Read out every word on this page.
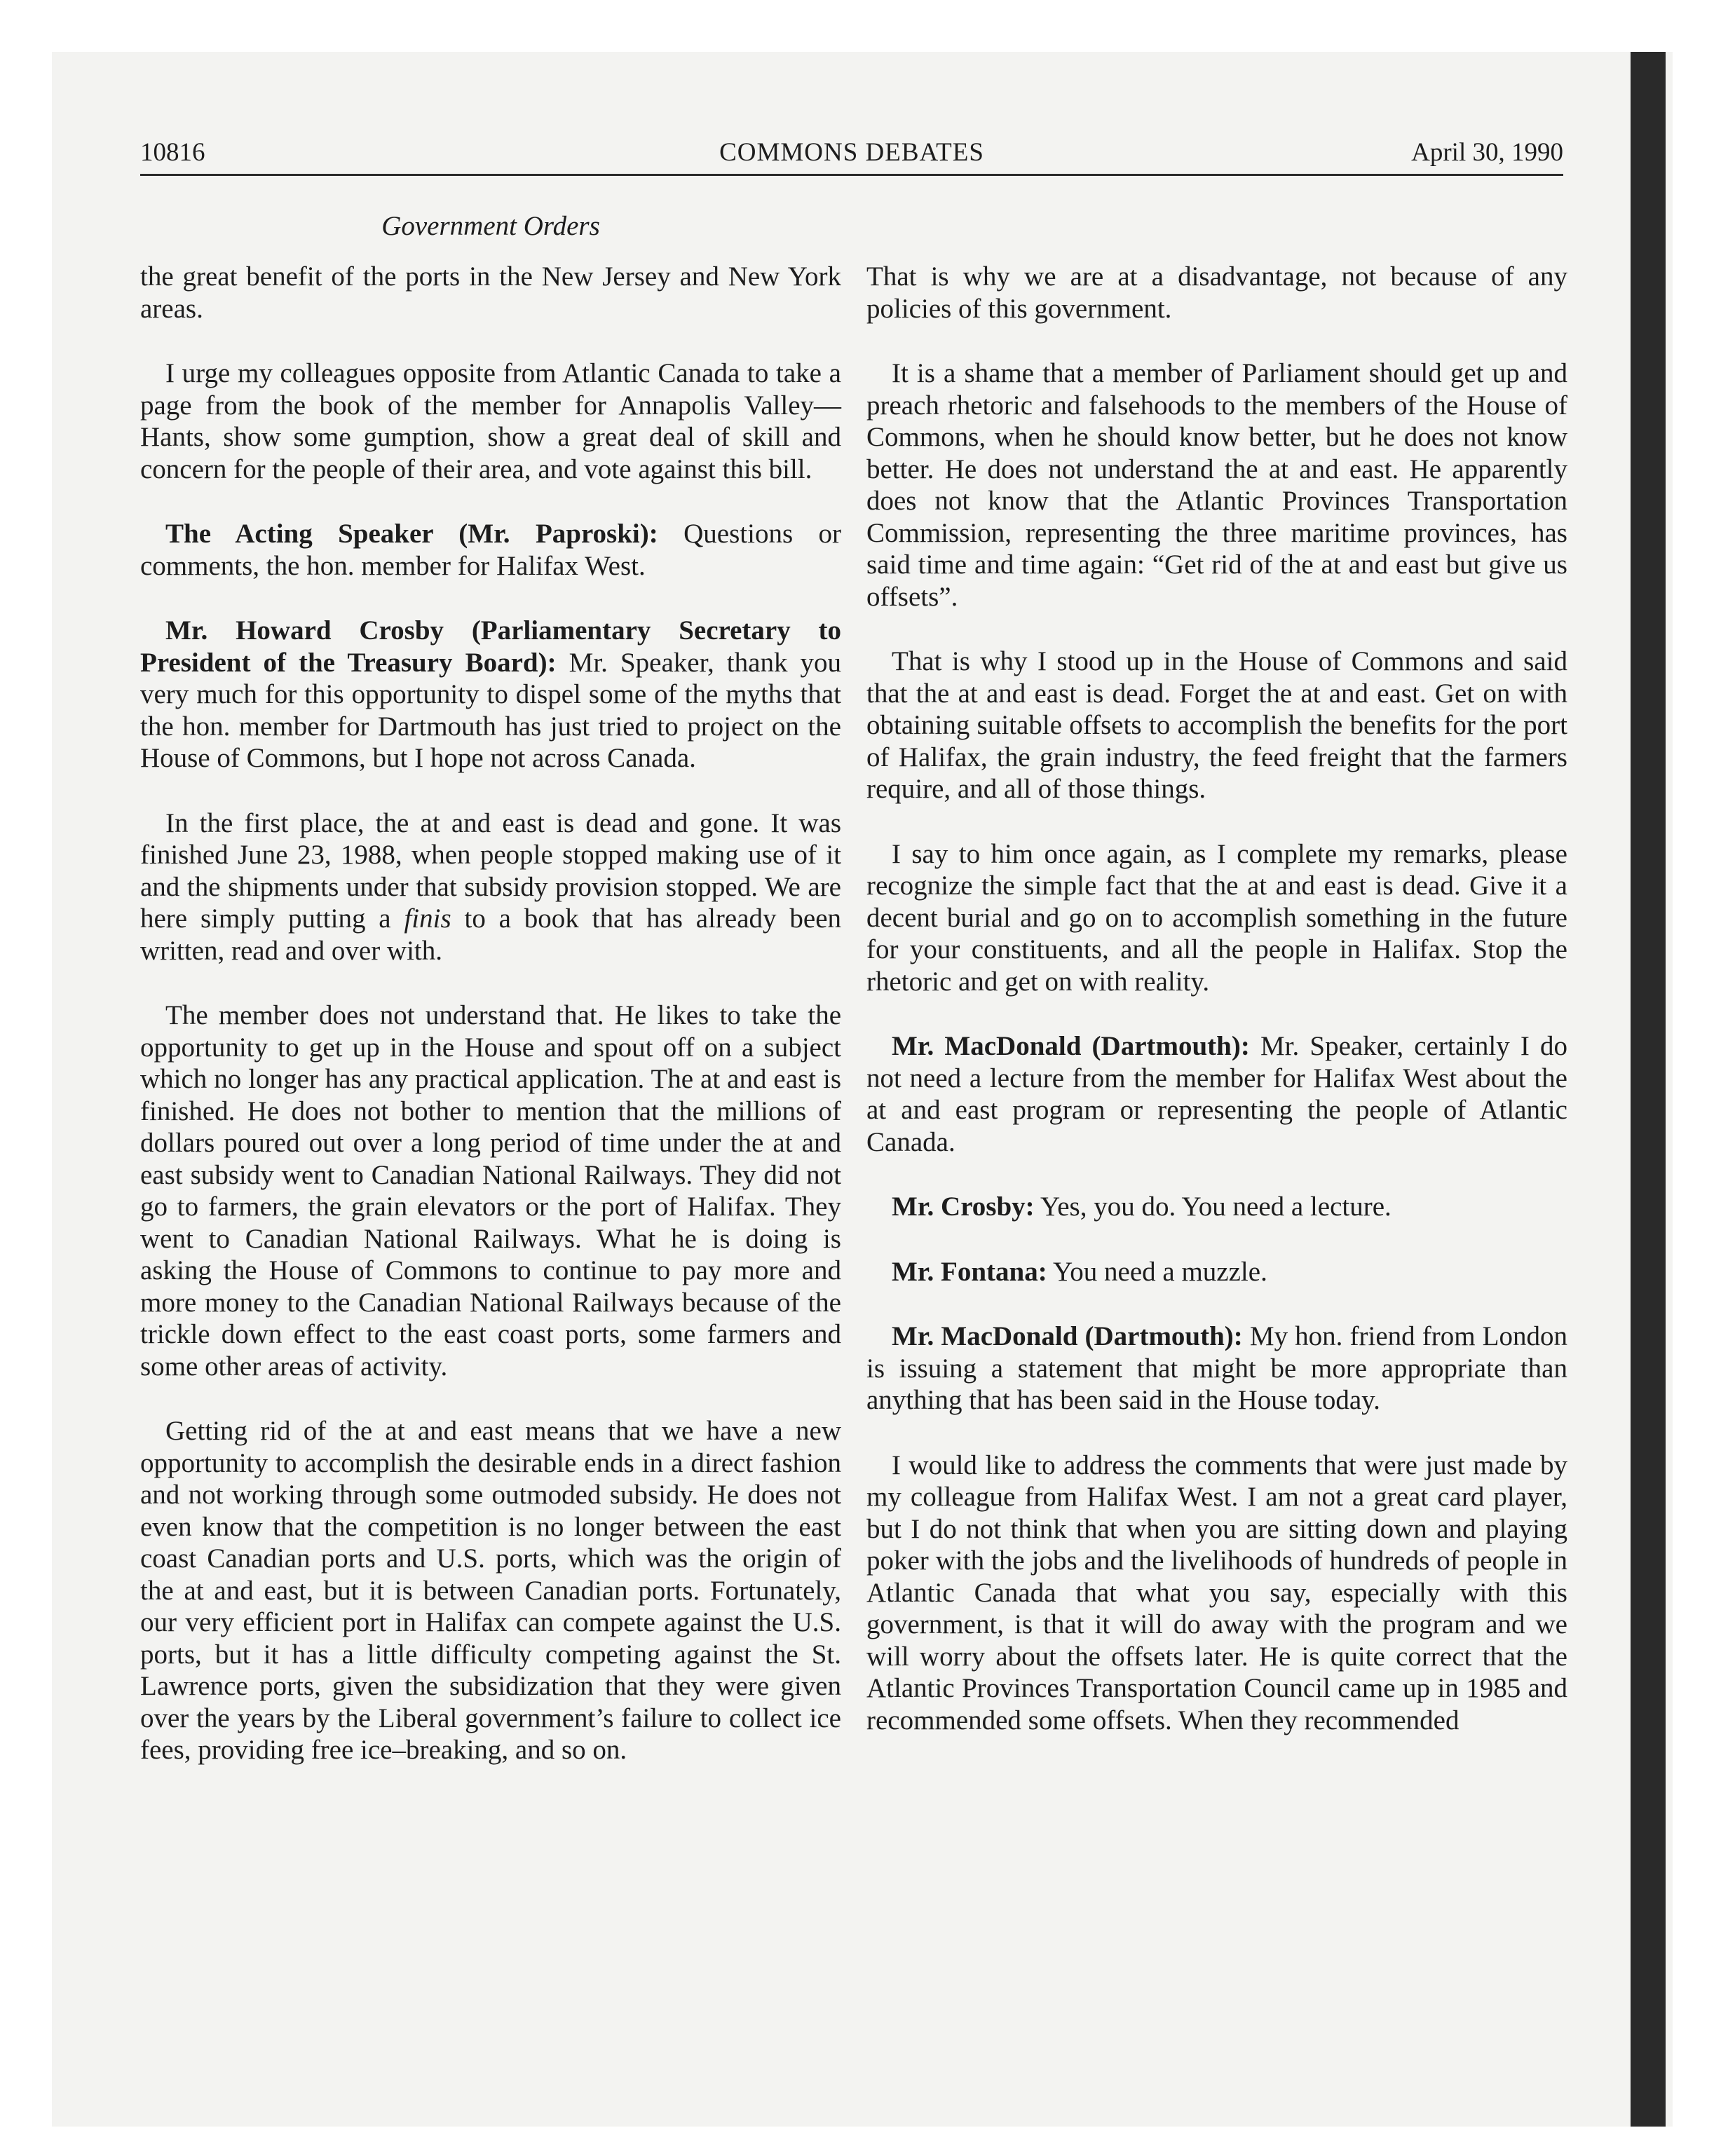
10816	COMMONS DEBATES	April 30, 1990
Government Orders

the great benefit of the ports in the New Jersey and New York areas.

I urge my colleagues opposite from Atlantic Canada to take a page from the book of the member for Annapolis Valley—Hants, show some gumption, show a great deal of skill and concern for the people of their area, and vote against this bill.

The Acting Speaker (Mr. Paproski): Questions or comments, the hon. member for Halifax West.

Mr. Howard Crosby (Parliamentary Secretary to President of the Treasury Board): Mr. Speaker, thank you very much for this opportunity to dispel some of the myths that the hon. member for Dartmouth has just tried to project on the House of Commons, but I hope not across Canada.

In the first place, the at and east is dead and gone. It was finished June 23, 1988, when people stopped making use of it and the shipments under that subsidy provision stopped. We are here simply putting a finis to a book that has already been written, read and over with.

The member does not understand that. He likes to take the opportunity to get up in the House and spout off on a subject which no longer has any practical application. The at and east is finished. He does not bother to mention that the millions of dollars poured out over a long period of time under the at and east subsidy went to Canadian National Railways. They did not go to farmers, the grain elevators or the port of Halifax. They went to Canadian National Railways. What he is doing is asking the House of Commons to continue to pay more and more money to the Canadian National Railways because of the trickle down effect to the east coast ports, some farmers and some other areas of activity.

Getting rid of the at and east means that we have a new opportunity to accomplish the desirable ends in a direct fashion and not working through some outmoded subsidy. He does not even know that the competition is no longer between the east coast Canadian ports and U.S. ports, which was the origin of the at and east, but it is between Canadian ports. Fortunately, our very efficient port in Halifax can compete against the U.S. ports, but it has a little difficulty competing against the St. Lawrence ports, given the subsidization that they were given over the years by the Liberal government’s failure to collect ice fees, providing free ice–breaking, and so on.

That is why we are at a disadvantage, not because of any policies of this government.

It is a shame that a member of Parliament should get up and preach rhetoric and falsehoods to the members of the House of Commons, when he should know better, but he does not know better. He does not understand the at and east. He apparently does not know that the Atlantic Provinces Transportation Commission, representing the three maritime provinces, has said time and time again: “Get rid of the at and east but give us offsets”.

That is why I stood up in the House of Commons and said that the at and east is dead. Forget the at and east. Get on with obtaining suitable offsets to accomplish the benefits for the port of Halifax, the grain industry, the feed freight that the farmers require, and all of those things.

I say to him once again, as I complete my remarks, please recognize the simple fact that the at and east is dead. Give it a decent burial and go on to accomplish something in the future for your constituents, and all the people in Halifax. Stop the rhetoric and get on with reality.

Mr. MacDonald (Dartmouth): Mr. Speaker, certainly I do not need a lecture from the member for Halifax West about the at and east program or representing the people of Atlantic Canada.

Mr. Crosby: Yes, you do. You need a lecture.

Mr. Fontana: You need a muzzle.

Mr. MacDonald (Dartmouth): My hon. friend from London is issuing a statement that might be more appropriate than anything that has been said in the House today.

I would like to address the comments that were just made by my colleague from Halifax West. I am not a great card player, but I do not think that when you are sitting down and playing poker with the jobs and the livelihoods of hundreds of people in Atlantic Canada that what you say, especially with this government, is that it will do away with the program and we will worry about the offsets later. He is quite correct that the Atlantic Provinces Transportation Council came up in 1985 and recommended some offsets. When they recommended
